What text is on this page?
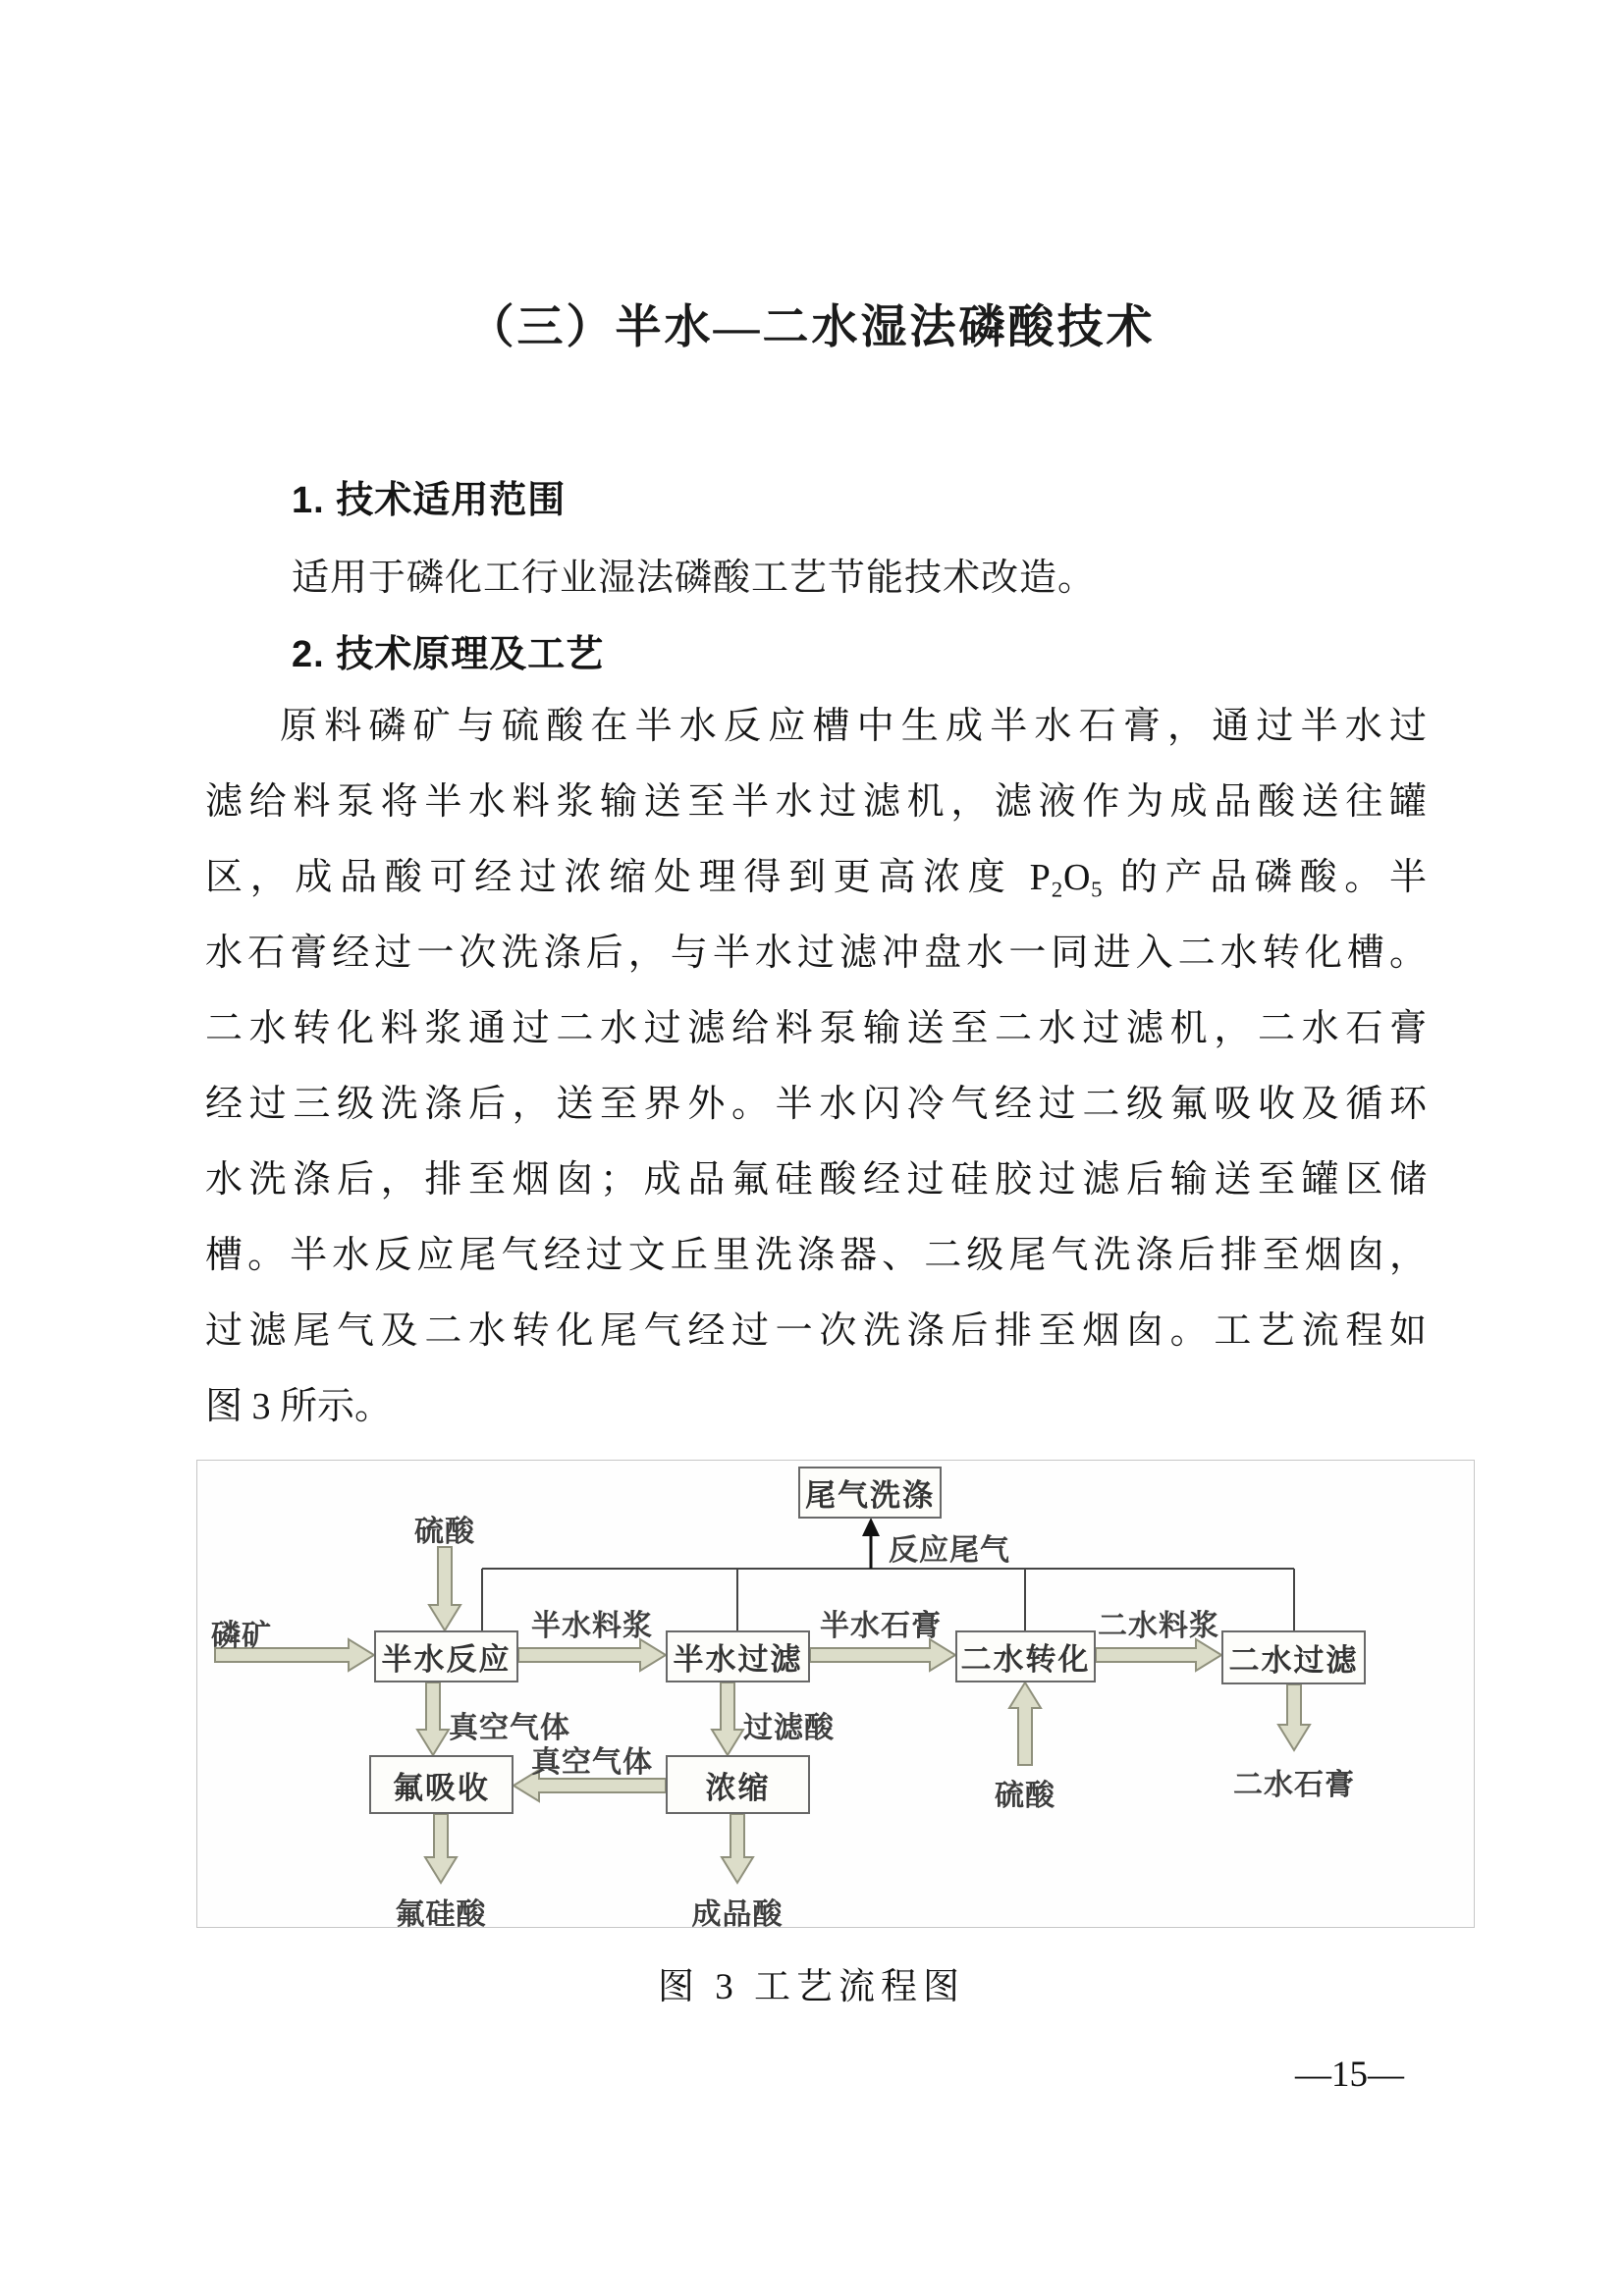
（三）半水—二水湿法磷酸技术
1. 技术适用范围
适用于磷化工行业湿法磷酸工艺节能技术改造。
2. 技术原理及工艺
原料磷矿与硫酸在半水反应槽中生成半水石膏，通过半水过
滤给料泵将半水料浆输送至半水过滤机，滤液作为成品酸送往罐
区，成品酸可经过浓缩处理得到更高浓度 P₂O₅ 的产品磷酸。半
水石膏经过一次洗涤后，与半水过滤冲盘水一同进入二水转化槽。
二水转化料浆通过二水过滤给料泵输送至二水过滤机，二水石膏
经过三级洗涤后，送至界外。半水闪冷气经过二级氟吸收及循环
水洗涤后，排至烟囱；成品氟硅酸经过硅胶过滤后输送至罐区储
槽。半水反应尾气经过文丘里洗涤器、二级尾气洗涤后排至烟囱，
过滤尾气及二水转化尾气经过一次洗涤后排至烟囱。工艺流程如
图 3 所示。
尾气洗涤
半水反应	半水过滤	二水转化	二水过滤
氟吸收	浓缩
磷矿
硫酸
半水料浆	半水石膏	二水料浆
反应尾气
真空气体	过滤酸
真空气体
硫酸
氟硅酸	成品酸
二水石膏
图 3 工艺流程图
—15—
